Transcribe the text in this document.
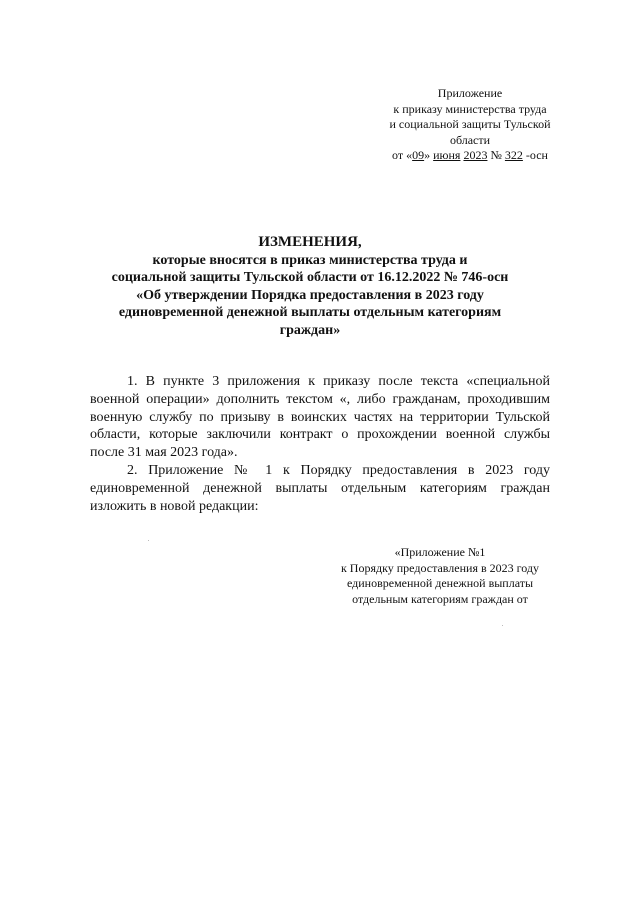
Приложение
к приказу министерства труда
и социальной защиты Тульской
области
от «09» июня 2023 № 322 -осн
ИЗМЕНЕНИЯ,
которые вносятся в приказ министерства труда и
социальной защиты Тульской области от 16.12.2022 № 746-осн
«Об утверждении Порядка предоставления в 2023 году
единовременной денежной выплаты отдельным категориям
граждан»

1. В пункте 3 приложения к приказу после текста «специальной военной операции» дополнить текстом «, либо гражданам, проходившим военную службу по призыву в воинских частях на территории Тульской области, которые заключили контракт о прохождении военной службы после 31 мая 2023 года».

2. Приложение № 1 к Порядку предоставления в 2023 году единовременной денежной выплаты отдельным категориям граждан изложить в новой редакции:

«Приложение №1
к Порядку предоставления в 2023 году
единовременной денежной выплаты
отдельным категориям граждан от
